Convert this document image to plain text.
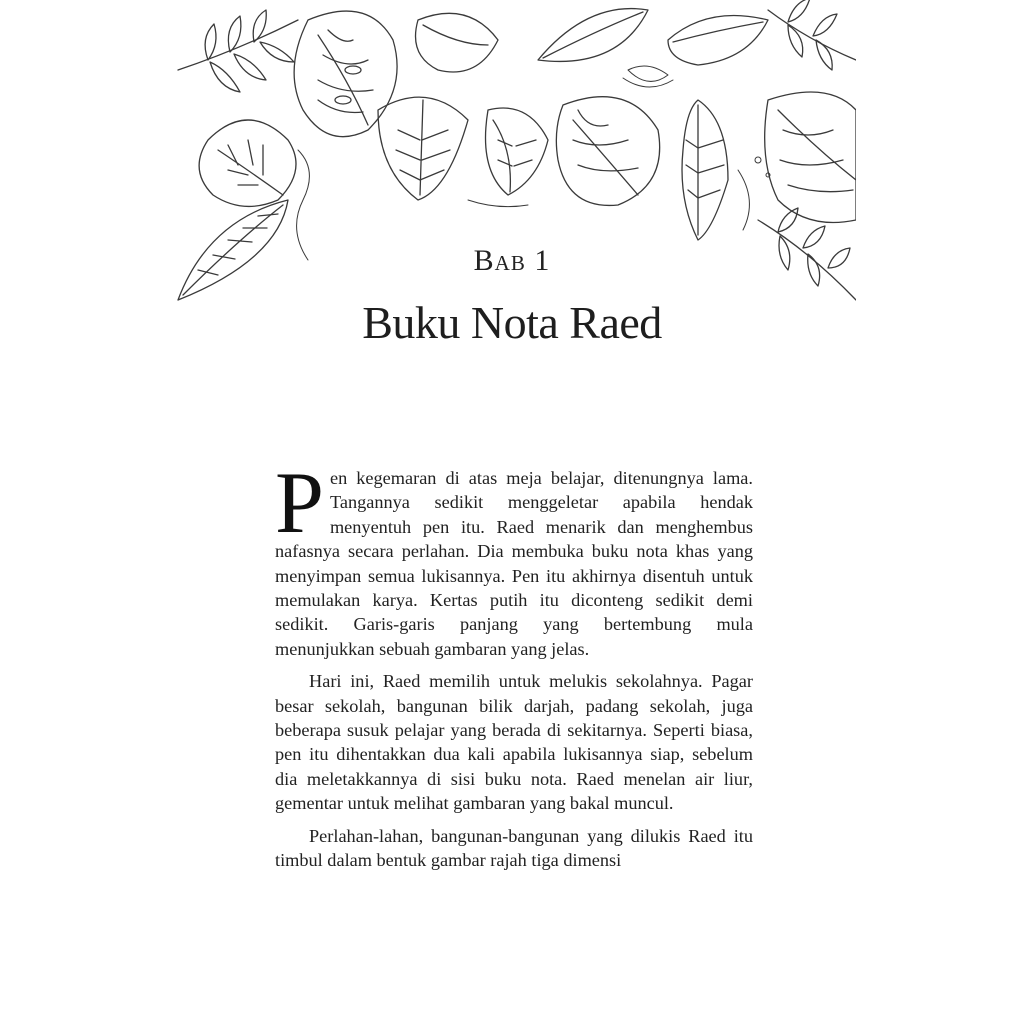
Bab 1
Buku Nota Raed

Pen kegemaran di atas meja belajar, ditenungnya lama. Tangannya sedikit menggeletar apabila hendak menyentuh pen itu. Raed menarik dan menghembus nafasnya secara perlahan. Dia membuka buku nota khas yang menyimpan semua lukisannya. Pen itu akhirnya disentuh untuk memulakan karya. Kertas putih itu diconteng sedikit demi sedikit. Garis-garis panjang yang bertembung mula menunjukkan sebuah gambaran yang jelas.

Hari ini, Raed memilih untuk melukis sekolahnya. Pagar besar sekolah, bangunan bilik darjah, padang sekolah, juga beberapa susuk pelajar yang berada di sekitarnya. Seperti biasa, pen itu dihentakkan dua kali apabila lukisannya siap, sebelum dia meletakkannya di sisi buku nota. Raed menelan air liur, gementar untuk melihat gambaran yang bakal muncul.

Perlahan-lahan, bangunan-bangunan yang dilukis Raed itu timbul dalam bentuk gambar rajah tiga dimensi
